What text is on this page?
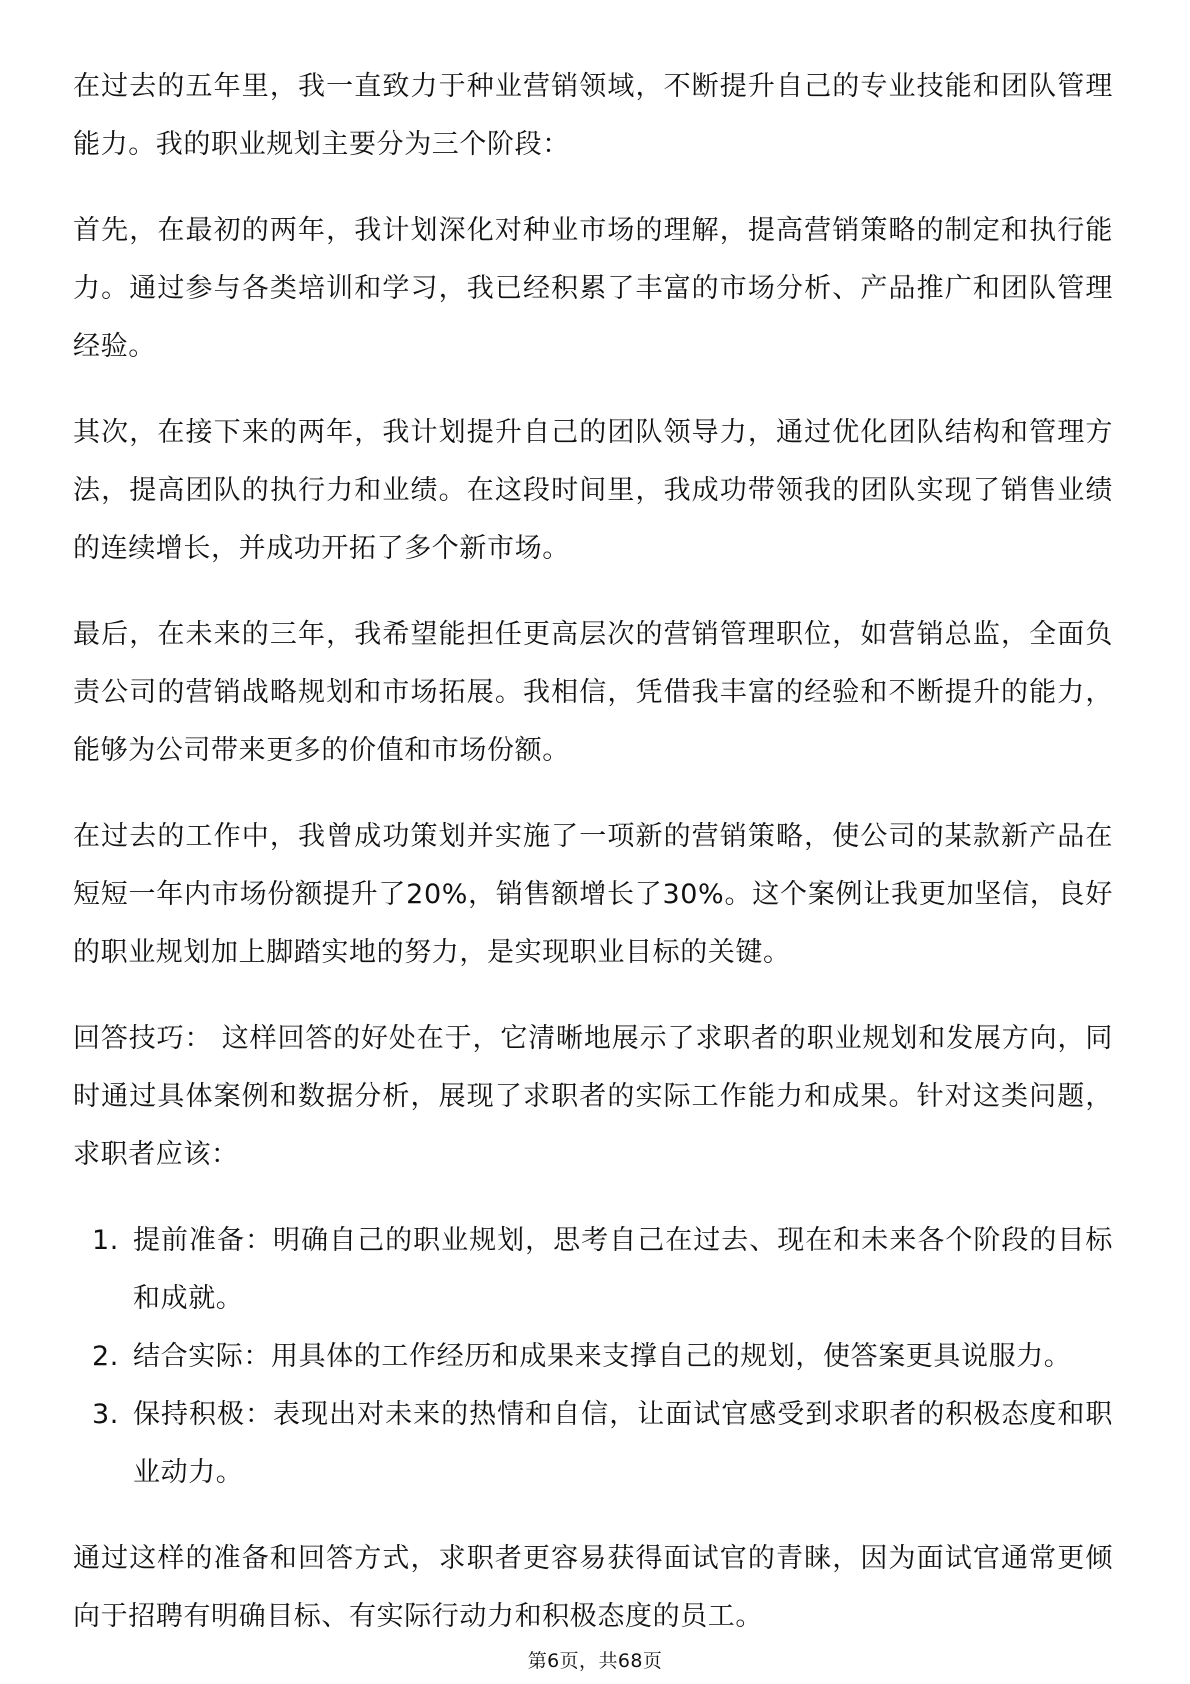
在过去的五年里，我一直致力于种业营销领域，不断提升自己的专业技能和团队管理能力。我的职业规划主要分为三个阶段：

首先，在最初的两年，我计划深化对种业市场的理解，提高营销策略的制定和执行能力。通过参与各类培训和学习，我已经积累了丰富的市场分析、产品推广和团队管理经验。

其次，在接下来的两年，我计划提升自己的团队领导力，通过优化团队结构和管理方法，提高团队的执行力和业绩。在这段时间里，我成功带领我的团队实现了销售业绩的连续增长，并成功开拓了多个新市场。

最后，在未来的三年，我希望能担任更高层次的营销管理职位，如营销总监，全面负责公司的营销战略规划和市场拓展。我相信，凭借我丰富的经验和不断提升的能力，能够为公司带来更多的价值和市场份额。

在过去的工作中，我曾成功策划并实施了一项新的营销策略，使公司的某款新产品在短短一年内市场份额提升了20%，销售额增长了30%。这个案例让我更加坚信，良好的职业规划加上脚踏实地的努力，是实现职业目标的关键。

回答技巧： 这样回答的好处在于，它清晰地展示了求职者的职业规划和发展方向，同时通过具体案例和数据分析，展现了求职者的实际工作能力和成果。针对这类问题，求职者应该：

1. 提前准备：明确自己的职业规划，思考自己在过去、现在和未来各个阶段的目标和成就。
2. 结合实际：用具体的工作经历和成果来支撑自己的规划，使答案更具说服力。
3. 保持积极：表现出对未来的热情和自信，让面试官感受到求职者的积极态度和职业动力。

通过这样的准备和回答方式，求职者更容易获得面试官的青睐，因为面试官通常更倾向于招聘有明确目标、有实际行动力和积极态度的员工。

第6页，共68页
